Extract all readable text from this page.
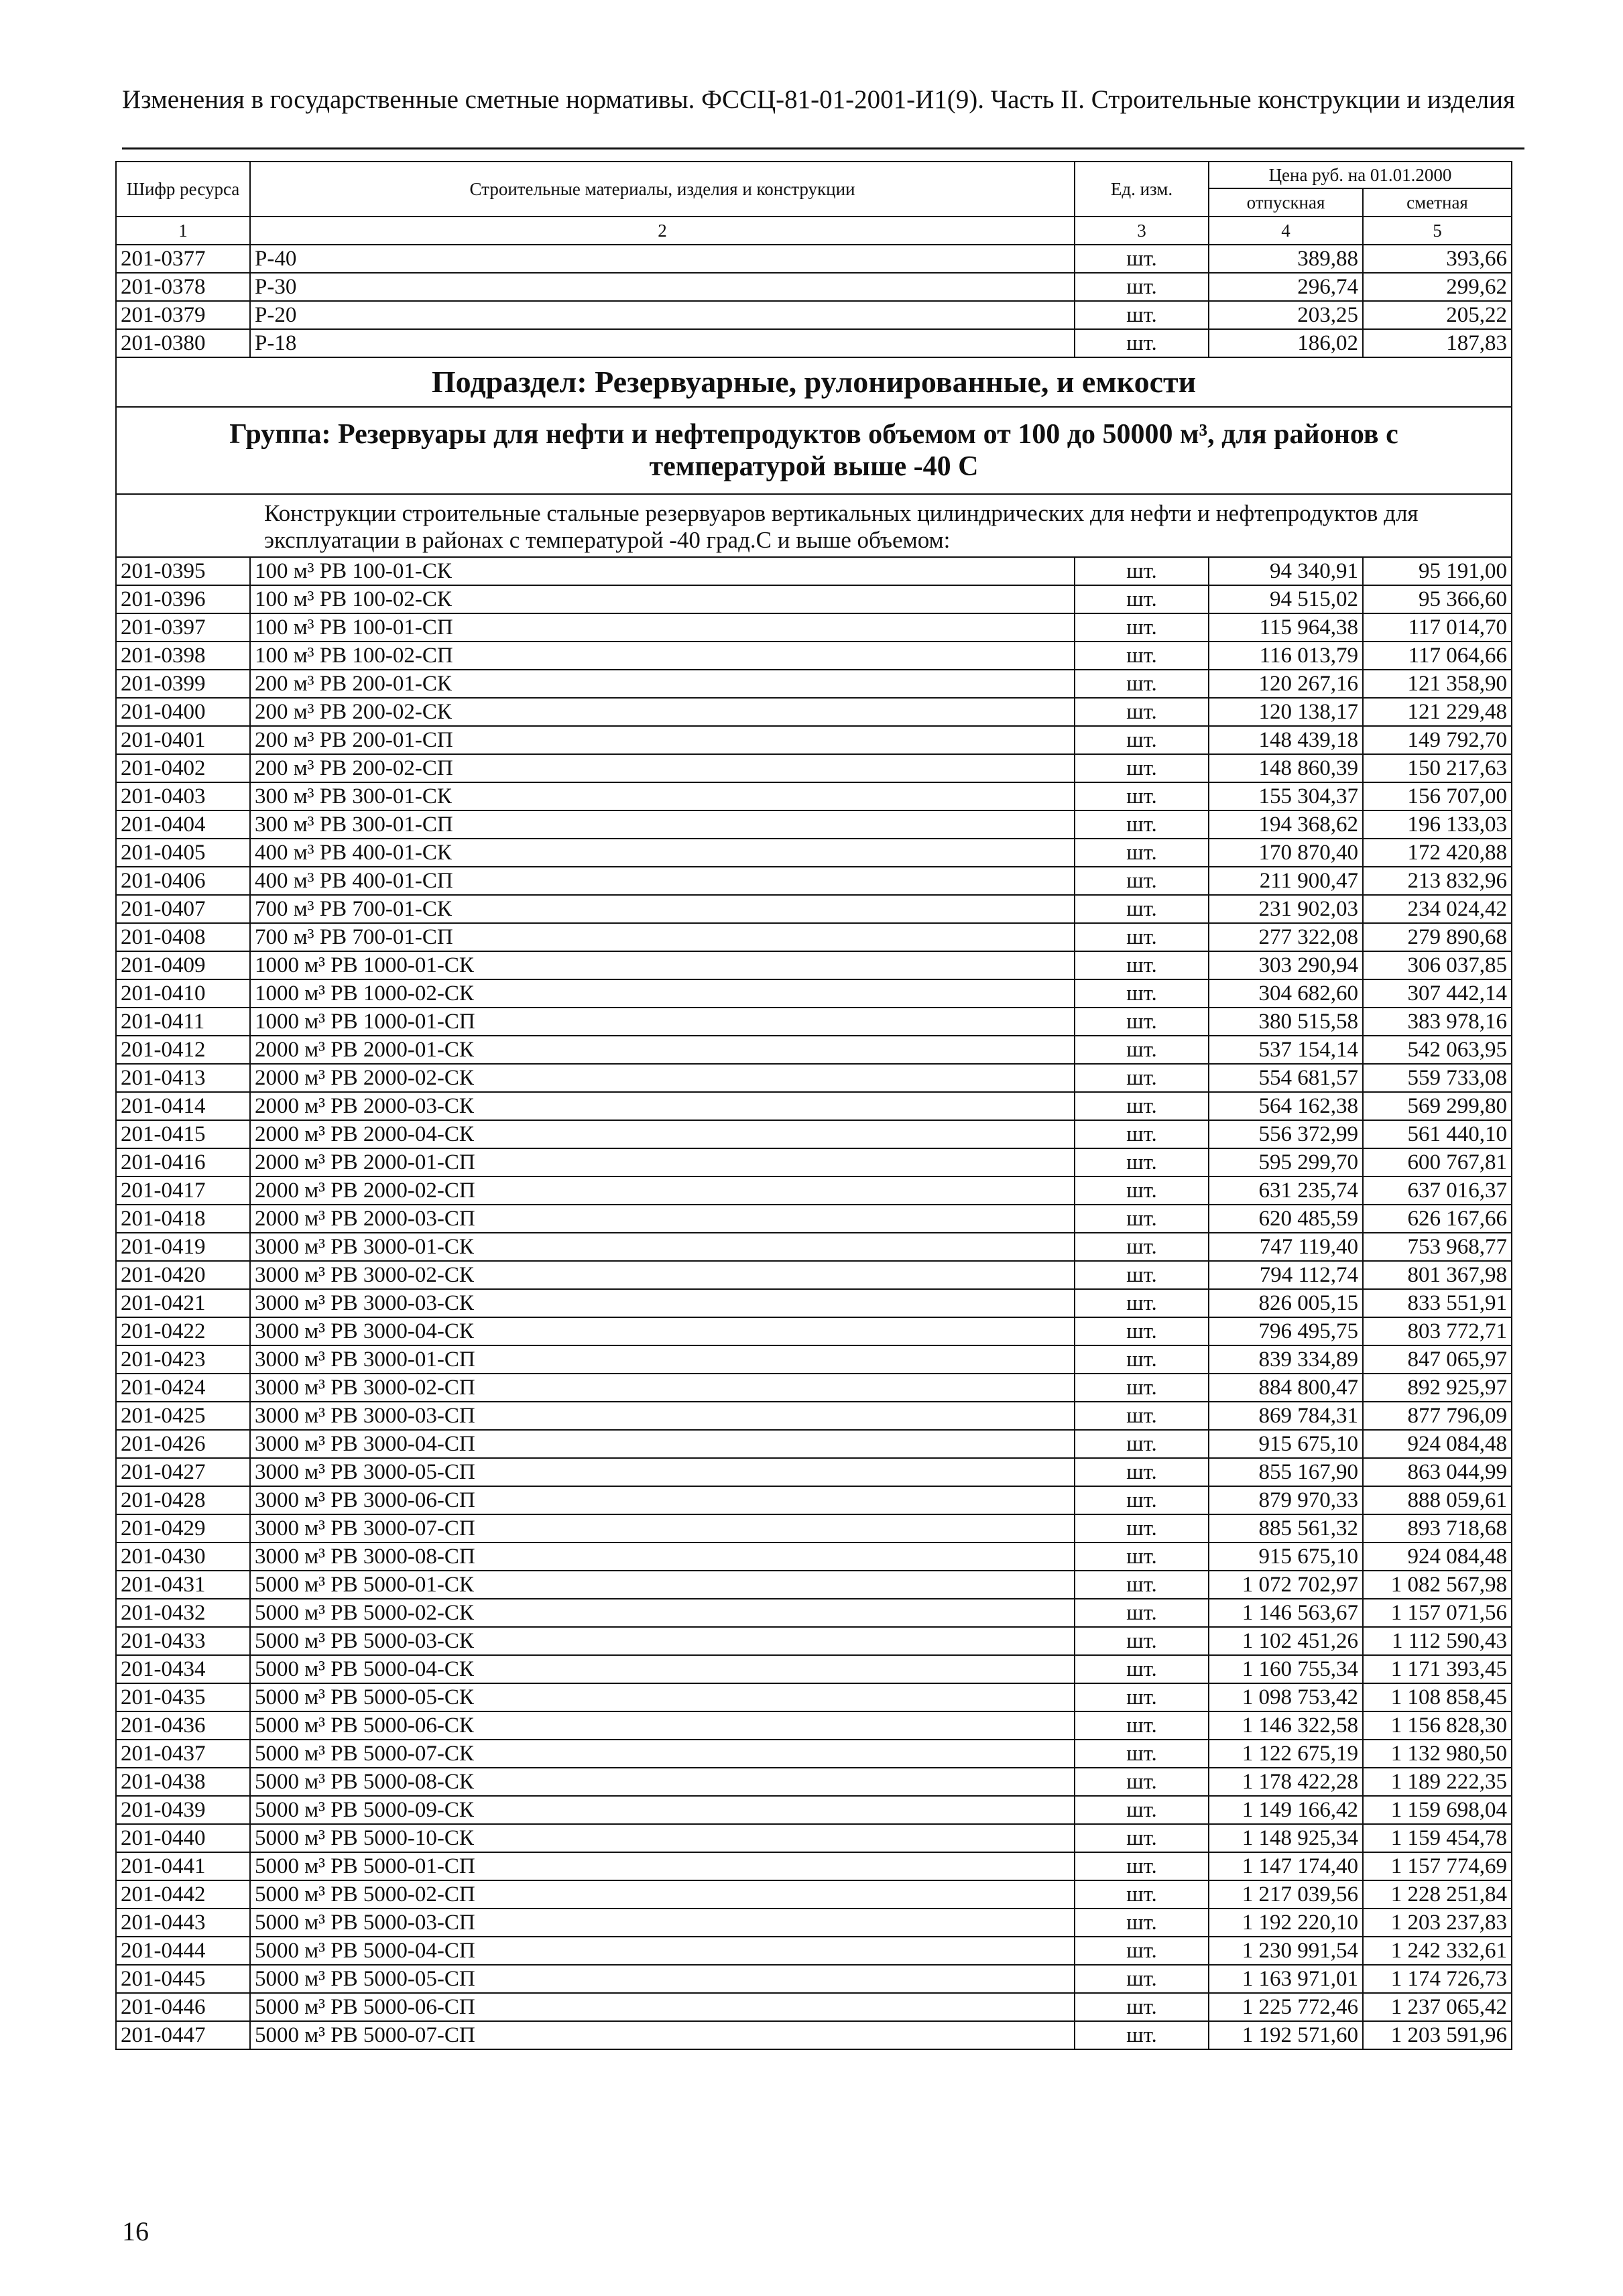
Изменения в государственные сметные нормативы. ФССЦ-81-01-2001-И1(9). Часть II. Строительные конструкции и изделия
Шифр ресурса	Строительные материалы, изделия и конструкции	Ед. изм.	Цена руб. на 01.01.2000	
			отпускная	сметная
1	2	3	4	5
201-0377	Р-40	шт.	389,88	393,66
201-0378	Р-30	шт.	296,74	299,62
201-0379	Р-20	шт.	203,25	205,22
201-0380	Р-18	шт.	186,02	187,83
Подраздел: Резервуарные, рулонированные, и емкости				
Группа: Резервуары для нефти и нефтепродуктов объемом от 100 до 50000 м³, для районов с температурой выше -40 С				
Конструкции строительные стальные резервуаров вертикальных цилиндрических для нефти и нефтепродуктов для эксплуатации в районах с температурой -40 град.С и выше объемом:				
201-0395	100 м³ РВ 100-01-СК	шт.	94 340,91	95 191,00
201-0396	100 м³ РВ 100-02-СК	шт.	94 515,02	95 366,60
201-0397	100 м³ РВ 100-01-СП	шт.	115 964,38	117 014,70
201-0398	100 м³ РВ 100-02-СП	шт.	116 013,79	117 064,66
201-0399	200 м³ РВ 200-01-СК	шт.	120 267,16	121 358,90
201-0400	200 м³ РВ 200-02-СК	шт.	120 138,17	121 229,48
201-0401	200 м³ РВ 200-01-СП	шт.	148 439,18	149 792,70
201-0402	200 м³ РВ 200-02-СП	шт.	148 860,39	150 217,63
201-0403	300 м³ РВ 300-01-СК	шт.	155 304,37	156 707,00
201-0404	300 м³ РВ 300-01-СП	шт.	194 368,62	196 133,03
201-0405	400 м³ РВ 400-01-СК	шт.	170 870,40	172 420,88
201-0406	400 м³ РВ 400-01-СП	шт.	211 900,47	213 832,96
201-0407	700 м³ РВ 700-01-СК	шт.	231 902,03	234 024,42
201-0408	700 м³ РВ 700-01-СП	шт.	277 322,08	279 890,68
201-0409	1000 м³ РВ 1000-01-СК	шт.	303 290,94	306 037,85
201-0410	1000 м³ РВ 1000-02-СК	шт.	304 682,60	307 442,14
201-0411	1000 м³ РВ 1000-01-СП	шт.	380 515,58	383 978,16
201-0412	2000 м³ РВ 2000-01-СК	шт.	537 154,14	542 063,95
201-0413	2000 м³ РВ 2000-02-СК	шт.	554 681,57	559 733,08
201-0414	2000 м³ РВ 2000-03-СК	шт.	564 162,38	569 299,80
201-0415	2000 м³ РВ 2000-04-СК	шт.	556 372,99	561 440,10
201-0416	2000 м³ РВ 2000-01-СП	шт.	595 299,70	600 767,81
201-0417	2000 м³ РВ 2000-02-СП	шт.	631 235,74	637 016,37
201-0418	2000 м³ РВ 2000-03-СП	шт.	620 485,59	626 167,66
201-0419	3000 м³ РВ 3000-01-СК	шт.	747 119,40	753 968,77
201-0420	3000 м³ РВ 3000-02-СК	шт.	794 112,74	801 367,98
201-0421	3000 м³ РВ 3000-03-СК	шт.	826 005,15	833 551,91
201-0422	3000 м³ РВ 3000-04-СК	шт.	796 495,75	803 772,71
201-0423	3000 м³ РВ 3000-01-СП	шт.	839 334,89	847 065,97
201-0424	3000 м³ РВ 3000-02-СП	шт.	884 800,47	892 925,97
201-0425	3000 м³ РВ 3000-03-СП	шт.	869 784,31	877 796,09
201-0426	3000 м³ РВ 3000-04-СП	шт.	915 675,10	924 084,48
201-0427	3000 м³ РВ 3000-05-СП	шт.	855 167,90	863 044,99
201-0428	3000 м³ РВ 3000-06-СП	шт.	879 970,33	888 059,61
201-0429	3000 м³ РВ 3000-07-СП	шт.	885 561,32	893 718,68
201-0430	3000 м³ РВ 3000-08-СП	шт.	915 675,10	924 084,48
201-0431	5000 м³ РВ 5000-01-СК	шт.	1 072 702,97	1 082 567,98
201-0432	5000 м³ РВ 5000-02-СК	шт.	1 146 563,67	1 157 071,56
201-0433	5000 м³ РВ 5000-03-СК	шт.	1 102 451,26	1 112 590,43
201-0434	5000 м³ РВ 5000-04-СК	шт.	1 160 755,34	1 171 393,45
201-0435	5000 м³ РВ 5000-05-СК	шт.	1 098 753,42	1 108 858,45
201-0436	5000 м³ РВ 5000-06-СК	шт.	1 146 322,58	1 156 828,30
201-0437	5000 м³ РВ 5000-07-СК	шт.	1 122 675,19	1 132 980,50
201-0438	5000 м³ РВ 5000-08-СК	шт.	1 178 422,28	1 189 222,35
201-0439	5000 м³ РВ 5000-09-СК	шт.	1 149 166,42	1 159 698,04
201-0440	5000 м³ РВ 5000-10-СК	шт.	1 148 925,34	1 159 454,78
201-0441	5000 м³ РВ 5000-01-СП	шт.	1 147 174,40	1 157 774,69
201-0442	5000 м³ РВ 5000-02-СП	шт.	1 217 039,56	1 228 251,84
201-0443	5000 м³ РВ 5000-03-СП	шт.	1 192 220,10	1 203 237,83
201-0444	5000 м³ РВ 5000-04-СП	шт.	1 230 991,54	1 242 332,61
201-0445	5000 м³ РВ 5000-05-СП	шт.	1 163 971,01	1 174 726,73
201-0446	5000 м³ РВ 5000-06-СП	шт.	1 225 772,46	1 237 065,42
201-0447	5000 м³ РВ 5000-07-СП	шт.	1 192 571,60	1 203 591,96
16
